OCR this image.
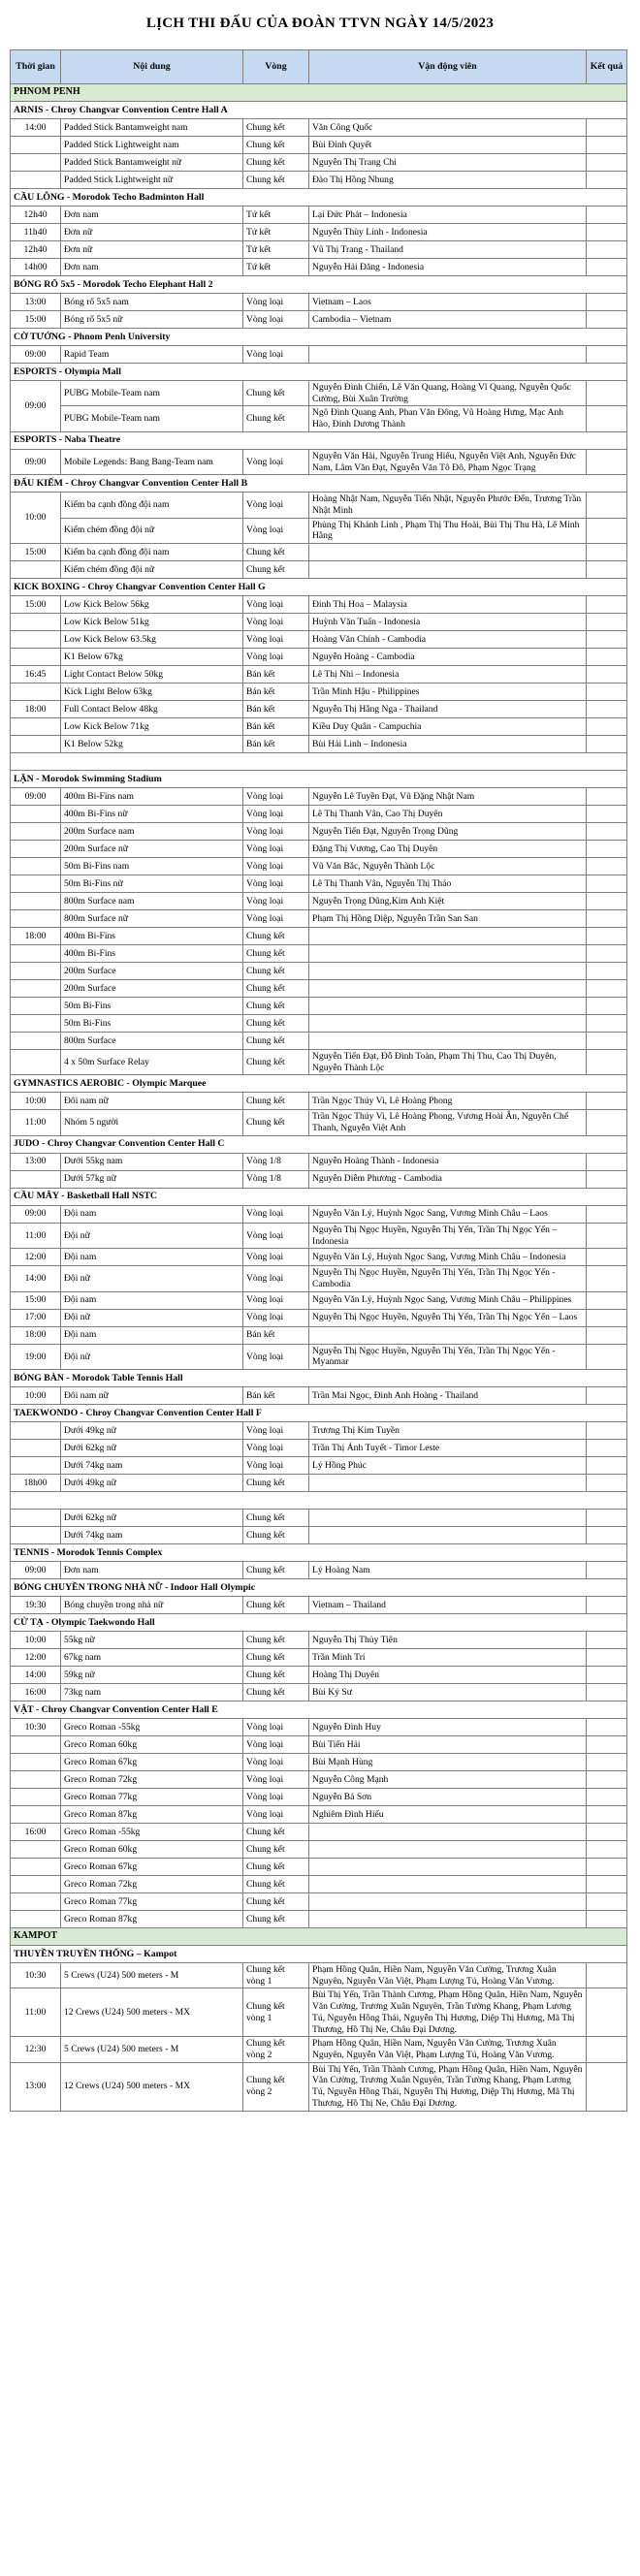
LỊCH THI ĐẤU CỦA ĐOÀN TTVN NGÀY 14/5/2023
Thời gian	Nội dung	Vòng	Vận động viên	Kết quả
PHNOM PENH				
ARNIS - Chroy Changvar Convention Centre Hall A				
14:00	Padded Stick Bantamweight nam	Chung kết	Văn Công Quốc	
	Padded Stick Lightweight nam	Chung kết	Bùi Đình Quyết	
	Padded Stick Bantamweight nữ	Chung kết	Nguyễn Thị Trang Chi	
	Padded Stick Lightweight nữ	Chung kết	Đào Thị Hồng Nhung	
CẦU LÔNG - Morodok Techo Badminton Hall				
12h40	Đơn nam	Tứ kết	Lại Đức Phát – Indonesia	
11h40	Đơn nữ	Tứ kết	Nguyễn Thùy Linh - Indonesia	
12h40	Đơn nữ	Tứ kết	Vũ Thị Trang - Thailand	
14h00	Đơn nam	Tứ kết	Nguyễn Hải Đăng - Indonesia	
BÓNG RỔ 5x5 - Morodok Techo Elephant Hall 2				
13:00	Bóng rổ 5x5 nam	Vòng loại	Vietnam – Laos	
15:00	Bóng rổ 5x5 nữ	Vòng loại	Cambodia – Vietnam	
CỜ TƯỚNG - Phnom Penh University				
09:00	Rapid Team	Vòng loại		
ESPORTS - Olympia Mall				
09:00	PUBG Mobile-Team nam	Chung kết	Nguyễn Đình Chiến, Lê Văn Quang, Hoàng Vĩ Quang, Nguyễn Quốc Cường, Bùi Xuân Trường	
	PUBG Mobile-Team nam	Chung kết	Ngô Đình Quang Anh, Phan Văn Đông, Vũ Hoàng Hưng, Mạc Anh Hào, Đinh Dương Thành	
ESPORTS - Naba Theatre				
09:00	Mobile Legends: Bang Bang-Team nam	Vòng loại	Nguyễn Văn Hải, Nguyễn Trung Hiếu, Nguyễn Việt Anh, Nguyễn Đức Nam, Lâm Văn Đạt, Nguyễn Văn Tô Đô, Phạm Ngọc Trạng	
ĐẤU KIẾM - Chroy Changvar Convention Center Hall B				
10:00	Kiếm ba cạnh đồng đội nam	Vòng loại	Hoàng Nhật Nam, Nguyễn Tiến Nhật, Nguyễn Phước Đến, Trương Trần Nhật Minh	
	Kiếm chém đồng đội nữ	Vòng loại	Phùng Thị Khánh Linh , Phạm Thị Thu Hoài, Bùi Thị Thu Hà, Lê Minh Hằng	
15:00	Kiếm ba cạnh đồng đội nam	Chung kết		
	Kiếm chém đồng đội nữ	Chung kết		
KICK BOXING - Chroy Changvar Convention Center Hall G				
15:00	Low Kick Below 56kg	Vòng loại	Đinh Thị Hoa – Malaysia	
	Low Kick Below 51kg	Vòng loại	Huỳnh Văn Tuấn - Indonesia	
	Low Kick Below 63.5kg	Vòng loại	Hoàng Văn Chính - Cambodia	
	K1 Below 67kg	Vòng loại	Nguyễn Hoàng - Cambodia	
16:45	Light Contact Below 50kg	Bán kết	Lê Thị Nhi – Indonesia	
	Kick Light Below 63kg	Bán kết	Trần Minh Hậu - Philippines	
18:00	Full Contact Below 48kg	Bán kết	Nguyễn Thị Hằng Nga - Thailand	
	Low Kick Below 71kg	Bán kết	Kiều Duy Quân - Campuchia	
	K1 Below 52kg	Bán kết	Bùi Hải Linh – Indonesia	

LẶN - Morodok Swimming Stadium				
09:00	400m Bi-Fins nam	Vòng loại	Nguyễn Lê Tuyền Đạt, Vũ Đặng Nhật Nam	
	400m Bi-Fins nữ	Vòng loại	Lê Thị Thanh Vân, Cao Thị Duyên	
	200m Surface nam	Vòng loại	Nguyễn Tiến Đạt, Nguyễn Trọng Dũng	
	200m Surface nữ	Vòng loại	Đặng Thị Vương, Cao Thị Duyên	
	50m Bi-Fins nam	Vòng loại	Vũ Văn Bắc, Nguyễn Thành Lộc	
	50m Bi-Fins nữ	Vòng loại	Lê Thị Thanh Vân, Nguyễn Thị Thảo	
	800m Surface nam	Vòng loại	Nguyễn Trọng Dũng,Kim Anh Kiệt	
	800m Surface nữ	Vòng loại	Phạm Thị Hồng Diệp, Nguyễn Trần San San	
18:00	400m Bi-Fins	Chung kết		
	400m Bi-Fins	Chung kết		
	200m Surface	Chung kết		
	200m Surface	Chung kết		
	50m Bi-Fins	Chung kết		
	50m Bi-Fins	Chung kết		
	800m Surface	Chung kết		
	4 x 50m Surface Relay	Chung kết	Nguyễn Tiến Đạt, Đỗ Đình Toàn, Phạm Thị Thu, Cao Thị Duyên, Nguyễn Thành Lộc	
GYMNASTICS AEROBIC - Olympic Marquee				
10:00	Đôi nam nữ	Chung kết	Trần Ngọc Thúy Vi, Lê Hoàng Phong	
11:00	Nhóm 5 người	Chung kết	Trần Ngọc Thúy Vi, Lê Hoàng Phong, Vương Hoài Ân, Nguyễn Chế Thanh, Nguyễn Việt Anh	
JUDO - Chroy Changvar Convention Center Hall C				
13:00	Dưới 55kg nam	Vòng 1/8	Nguyễn Hoàng Thành - Indonesia	
	Dưới 57kg nữ	Vòng 1/8	Nguyễn Diễm Phương - Cambodia	
CẦU MÂY - Basketball Hall NSTC				
09:00	Đội nam	Vòng loại	Nguyễn Văn Lý, Huỳnh Ngọc Sang, Vương Minh Châu – Laos	
11:00	Đội nữ	Vòng loại	Nguyễn Thị Ngọc Huyền, Nguyễn Thị Yến, Trần Thị Ngọc Yến – Indonesia	
12:00	Đội nam	Vòng loại	Nguyễn Văn Lý, Huỳnh Ngọc Sang, Vương Minh Châu – Indonesia	
14:00	Đội nữ	Vòng loại	Nguyễn Thị Ngọc Huyền, Nguyễn Thị Yến, Trần Thị Ngọc Yến - Cambodia	
15:00	Đội nam	Vòng loại	Nguyễn Văn Lý, Huỳnh Ngọc Sang, Vương Minh Châu – Philippines	
17:00	Đội nữ	Vòng loại	Nguyễn Thị Ngọc Huyền, Nguyễn Thị Yến, Trần Thị Ngọc Yến – Laos	
18:00	Đội nam	Bán kết		
19:00	Đội nữ	Vòng loại	Nguyễn Thị Ngọc Huyền, Nguyễn Thị Yến, Trần Thị Ngọc Yến - Myanmar	
BÓNG BÀN - Morodok Table Tennis Hall				
10:00	Đôi nam nữ	Bán kết	Trần Mai Ngọc, Đinh Anh Hoàng - Thailand	
TAEKWONDO - Chroy Changvar Convention Center Hall F				
	Dưới 49kg nữ	Vòng loại	Trương Thị Kim Tuyền	
	Dưới 62kg nữ	Vòng loại	Trần Thị Ánh Tuyết - Timor Leste	
	Dưới 74kg nam	Vòng loại	Lý Hồng Phúc	
18h00	Dưới 49kg nữ	Chung kết		

	Dưới 62kg nữ	Chung kết		
	Dưới 74kg nam	Chung kết		
TENNIS - Morodok Tennis Complex				
09:00	Đơn nam	Chung kết	Lý Hoàng Nam	
BÓNG CHUYỀN TRONG NHÀ NỮ - Indoor Hall Olympic				
19:30	Bóng chuyền trong nhà nữ	Chung kết	Vietnam – Thailand	
CỬ TẠ - Olympic Taekwondo Hall				
10:00	55kg nữ	Chung kết	Nguyễn Thị Thủy Tiên	
12:00	67kg nam	Chung kết	Trần Minh Trí	
14:00	59kg nữ	Chung kết	Hoàng Thị Duyên	
16:00	73kg nam	Chung kết	Bùi Ký Sư	
VẬT - Chroy Changvar Convention Center Hall E				
10:30	Greco Roman -55kg	Vòng loại	Nguyễn Đình Huy	
	Greco Roman 60kg	Vòng loại	Bùi Tiến Hải	
	Greco Roman 67kg	Vòng loại	Bùi Mạnh Hùng	
	Greco Roman 72kg	Vòng loại	Nguyễn Công Mạnh	
	Greco Roman 77kg	Vòng loại	Nguyễn Bá Sơn	
	Greco Roman 87kg	Vòng loại	Nghiêm Đình Hiếu	
16:00	Greco Roman -55kg	Chung kết		
	Greco Roman 60kg	Chung kết		
	Greco Roman 67kg	Chung kết		
	Greco Roman 72kg	Chung kết		
	Greco Roman 77kg	Chung kết		
	Greco Roman 87kg	Chung kết		
KAMPOT				
THUYỀN TRUYỀN THỐNG – Kampot				
10:30	5 Crews (U24) 500 meters - M	Chung kết vòng 1	Phạm Hồng Quân, Hiền Nam, Nguyễn Văn Cường, Trương Xuân Nguyên, Nguyễn Văn Việt, Phạm Lượng Tú, Hoàng Văn Vương.	
11:00	12 Crews (U24) 500 meters - MX	Chung kết vòng 1	Bùi Thị Yến, Trần Thành Cương, Phạm Hồng Quân, Hiền Nam, Nguyễn Văn Cường, Trương Xuân Nguyên, Trần Tường Khang, Phạm Lương Tú, Nguyễn Hồng Thái, Nguyễn Thị Hương, Diệp Thị Hương, Mã Thị Thương, Hồ Thị Ne, Châu Đại Dương.	
12:30	5 Crews (U24) 500 meters - M	Chung kết vòng 2	Phạm Hồng Quân, Hiền Nam, Nguyễn Văn Cường, Trương Xuân Nguyên, Nguyễn Văn Việt, Phạm Lượng Tú, Hoàng Văn Vương.	
13:00	12 Crews (U24) 500 meters - MX	Chung kết vòng 2	Bùi Thị Yến, Trần Thành Cương, Phạm Hồng Quân, Hiền Nam, Nguyễn Văn Cường, Trương Xuân Nguyên, Trần Tường Khang, Phạm Lương Tú, Nguyễn Hồng Thái, Nguyễn Thị Hương, Diệp Thị Hương, Mã Thị Thương, Hồ Thị Ne, Châu Đại Dương.	
